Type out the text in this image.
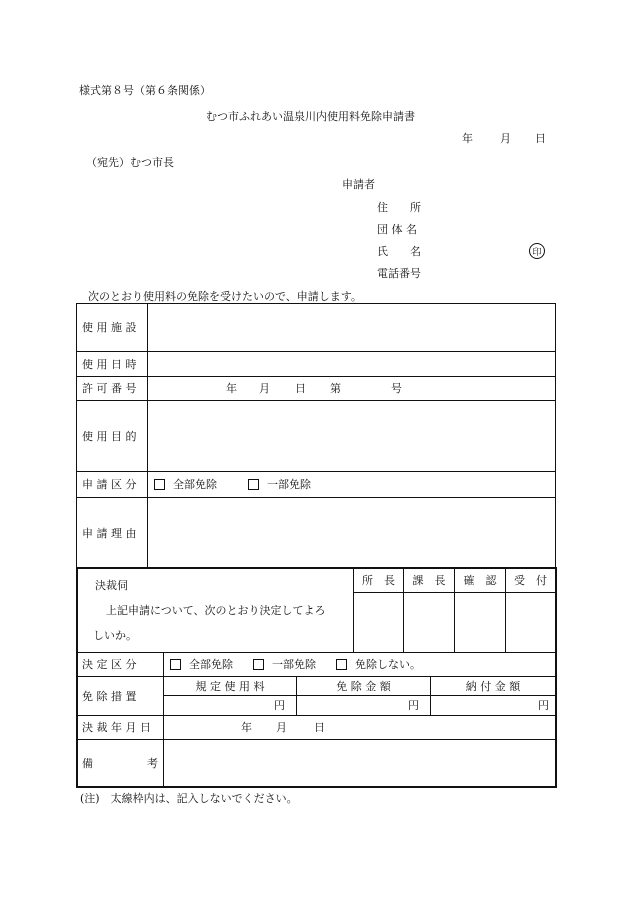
様式第８号（第６条関係）
むつ市ふれあい温泉川内使用料免除申請書
年 月 日
（宛先）むつ市長
申請者
住　　所
団 体 名
氏　　名	印
電話番号
次のとおり使用料の免除を受けたいので、申請します。
使 用 施 設
使 用 日 時
許 可 番 号	年 月 日 第	号
使 用 目 的
申 請 区 分	全部免除	一部免除
申 請 理 由
決裁伺
上記申請について、次のとおり決定してよろ
しいか。
所　長	課　長	確　認	受　付
決 定 区 分	全部免除	一部免除	免除しない。
免 除 措 置
規 定 使 用 料	免 除 金 額	納 付 金 額
円	円	円
決 裁 年 月 日	年 月 日
備	考
(注)　太線枠内は、記入しないでください。
